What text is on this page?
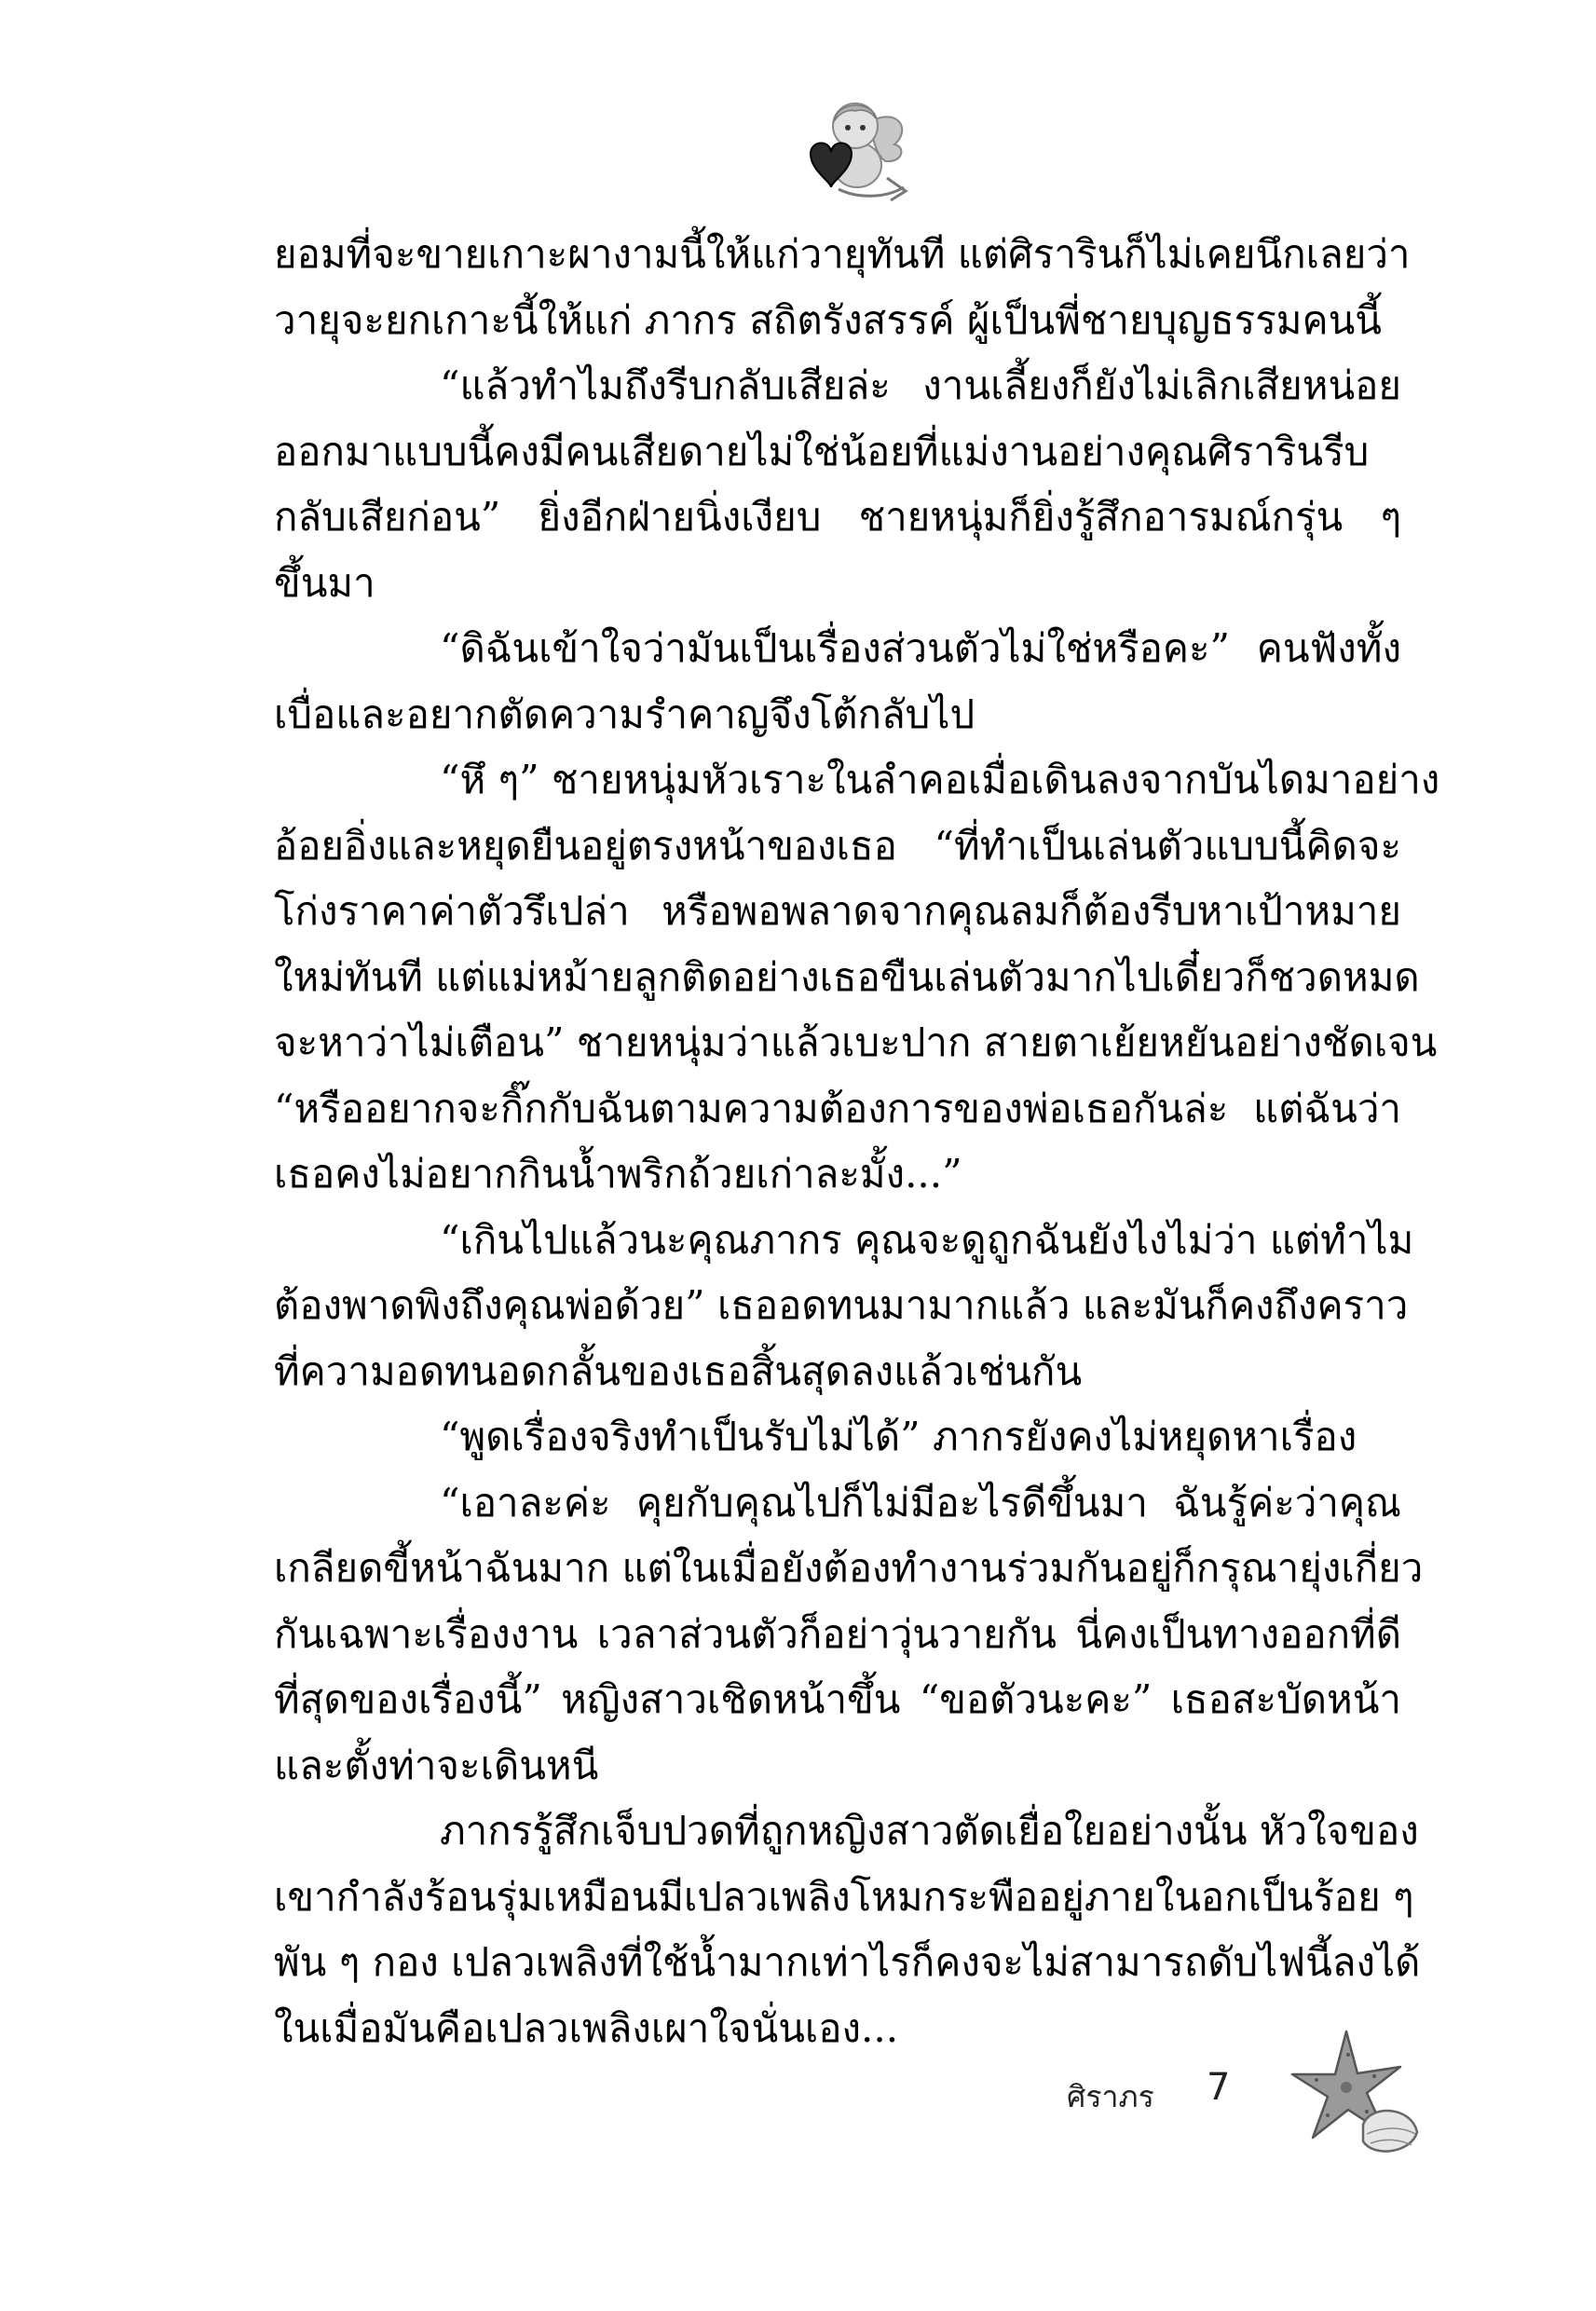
ยอมที่จะขายเกาะผางามนี้ให้แก่วายุทันที แต่ศิรารินก็ไม่เคยนึกเลยว่า
วายุจะยกเกาะนี้ให้แก่ ภากร สถิตรังสรรค์ ผู้เป็นพี่ชายบุญธรรมคนนี้
“แล้วทำไมถึงรีบกลับเสียล่ะ งานเลี้ยงก็ยังไม่เลิกเสียหน่อย
ออกมาแบบนี้คงมีคนเสียดายไม่ใช่น้อยที่แม่งานอย่างคุณศิรารินรีบ
กลับเสียก่อน” ยิ่งอีกฝ่ายนิ่งเงียบ ชายหนุ่มก็ยิ่งรู้สึกอารมณ์กรุ่น ๆ
ขึ้นมา
“ดิฉันเข้าใจว่ามันเป็นเรื่องส่วนตัวไม่ใช่หรือคะ” คนฟังทั้ง
เบื่อและอยากตัดความรำคาญจึงโต้กลับไป
“หึ ๆ” ชายหนุ่มหัวเราะในลำคอเมื่อเดินลงจากบันไดมาอย่าง
อ้อยอิ่งและหยุดยืนอยู่ตรงหน้าของเธอ “ที่ทำเป็นเล่นตัวแบบนี้คิดจะ
โก่งราคาค่าตัวรึเปล่า หรือพอพลาดจากคุณลมก็ต้องรีบหาเป้าหมาย
ใหม่ทันที แต่แม่หม้ายลูกติดอย่างเธอขืนเล่นตัวมากไปเดี๋ยวก็ชวดหมด
จะหาว่าไม่เตือน” ชายหนุ่มว่าแล้วเบะปาก สายตาเย้ยหยันอย่างชัดเจน
“หรืออยากจะกิ๊กกับฉันตามความต้องการของพ่อเธอกันล่ะ แต่ฉันว่า
เธอคงไม่อยากกินน้ำพริกถ้วยเก่าละมั้ง...”
“เกินไปแล้วนะคุณภากร คุณจะดูถูกฉันยังไงไม่ว่า แต่ทำไม
ต้องพาดพิงถึงคุณพ่อด้วย” เธออดทนมามากแล้ว และมันก็คงถึงคราว
ที่ความอดทนอดกลั้นของเธอสิ้นสุดลงแล้วเช่นกัน
“พูดเรื่องจริงทำเป็นรับไม่ได้” ภากรยังคงไม่หยุดหาเรื่อง
“เอาละค่ะ คุยกับคุณไปก็ไม่มีอะไรดีขึ้นมา ฉันรู้ค่ะว่าคุณ
เกลียดขี้หน้าฉันมาก แต่ในเมื่อยังต้องทำงานร่วมกันอยู่ก็กรุณายุ่งเกี่ยว
กันเฉพาะเรื่องงาน เวลาส่วนตัวก็อย่าวุ่นวายกัน นี่คงเป็นทางออกที่ดี
ที่สุดของเรื่องนี้” หญิงสาวเชิดหน้าขึ้น “ขอตัวนะคะ” เธอสะบัดหน้า
และตั้งท่าจะเดินหนี
ภากรรู้สึกเจ็บปวดที่ถูกหญิงสาวตัดเยื่อใยอย่างนั้น หัวใจของ
เขากำลังร้อนรุ่มเหมือนมีเปลวเพลิงโหมกระพืออยู่ภายในอกเป็นร้อย ๆ
พัน ๆ กอง เปลวเพลิงที่ใช้น้ำมากเท่าไรก็คงจะไม่สามารถดับไฟนี้ลงได้
ในเมื่อมันคือเปลวเพลิงเผาใจนั่นเอง...
ศิราภร 7
